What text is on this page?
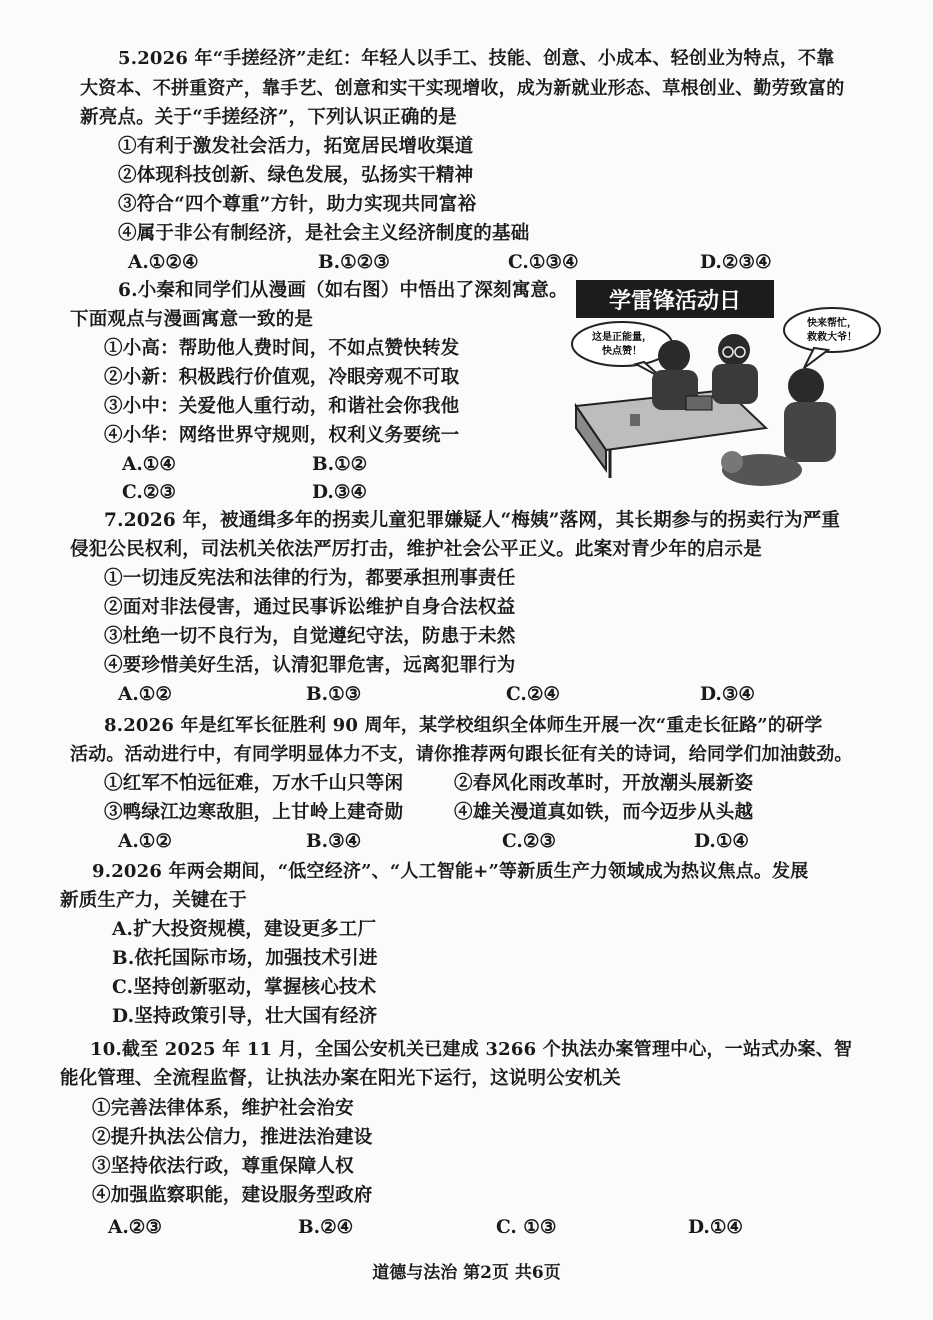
5.2026 年“手搓经济”走红：年轻人以手工、技能、创意、小成本、轻创业为特点，不靠
大资本、不拼重资产，靠手艺、创意和实干实现增收，成为新就业形态、草根创业、勤劳致富的
新亮点。关于“手搓经济”，下列认识正确的是
①有利于激发社会活力，拓宽居民增收渠道
②体现科技创新、绿色发展，弘扬实干精神
③符合“四个尊重”方针，助力实现共同富裕
④属于非公有制经济，是社会主义经济制度的基础
A.①②④	B.①②③	C.①③④	D.②③④
6.小秦和同学们从漫画（如右图）中悟出了深刻寓意。
下面观点与漫画寓意一致的是
①小高：帮助他人费时间，不如点赞快转发
②小新：积极践行价值观，冷眼旁观不可取
③小中：关爱他人重行动，和谐社会你我他
④小华：网络世界守规则，权利义务要统一
A.①④	B.①②
C.②③	D.③④
学雷锋活动日
这是正能量，
快点赞！
快来帮忙，
救救大爷！
7.2026 年，被通缉多年的拐卖儿童犯罪嫌疑人“梅姨”落网，其长期参与的拐卖行为严重
侵犯公民权利，司法机关依法严厉打击，维护社会公平正义。此案对青少年的启示是
①一切违反宪法和法律的行为，都要承担刑事责任
②面对非法侵害，通过民事诉讼维护自身合法权益
③杜绝一切不良行为，自觉遵纪守法，防患于未然
④要珍惜美好生活，认清犯罪危害，远离犯罪行为
A.①②	B.①③	C.②④	D.③④
8.2026 年是红军长征胜利 90 周年，某学校组织全体师生开展一次“重走长征路”的研学
活动。活动进行中，有同学明显体力不支，请你推荐两句跟长征有关的诗词，给同学们加油鼓劲。
①红军不怕远征难，万水千山只等闲	②春风化雨改革时，开放潮头展新姿
③鸭绿江边寒敌胆，上甘岭上建奇勋	④雄关漫道真如铁，而今迈步从头越
A.①②	B.③④	C.②③	D.①④
9.2026 年两会期间，“低空经济”、“人工智能+”等新质生产力领域成为热议焦点。发展
新质生产力，关键在于
A.扩大投资规模，建设更多工厂
B.依托国际市场，加强技术引进
C.坚持创新驱动，掌握核心技术
D.坚持政策引导，壮大国有经济
10.截至 2025 年 11 月，全国公安机关已建成 3266 个执法办案管理中心，一站式办案、智
能化管理、全流程监督，让执法办案在阳光下运行，这说明公安机关
①完善法律体系，维护社会治安
②提升执法公信力，推进法治建设
③坚持依法行政，尊重保障人权
④加强监察职能，建设服务型政府
A.②③	B.②④	C. ①③	D.①④
道德与法治 第2页 共6页
